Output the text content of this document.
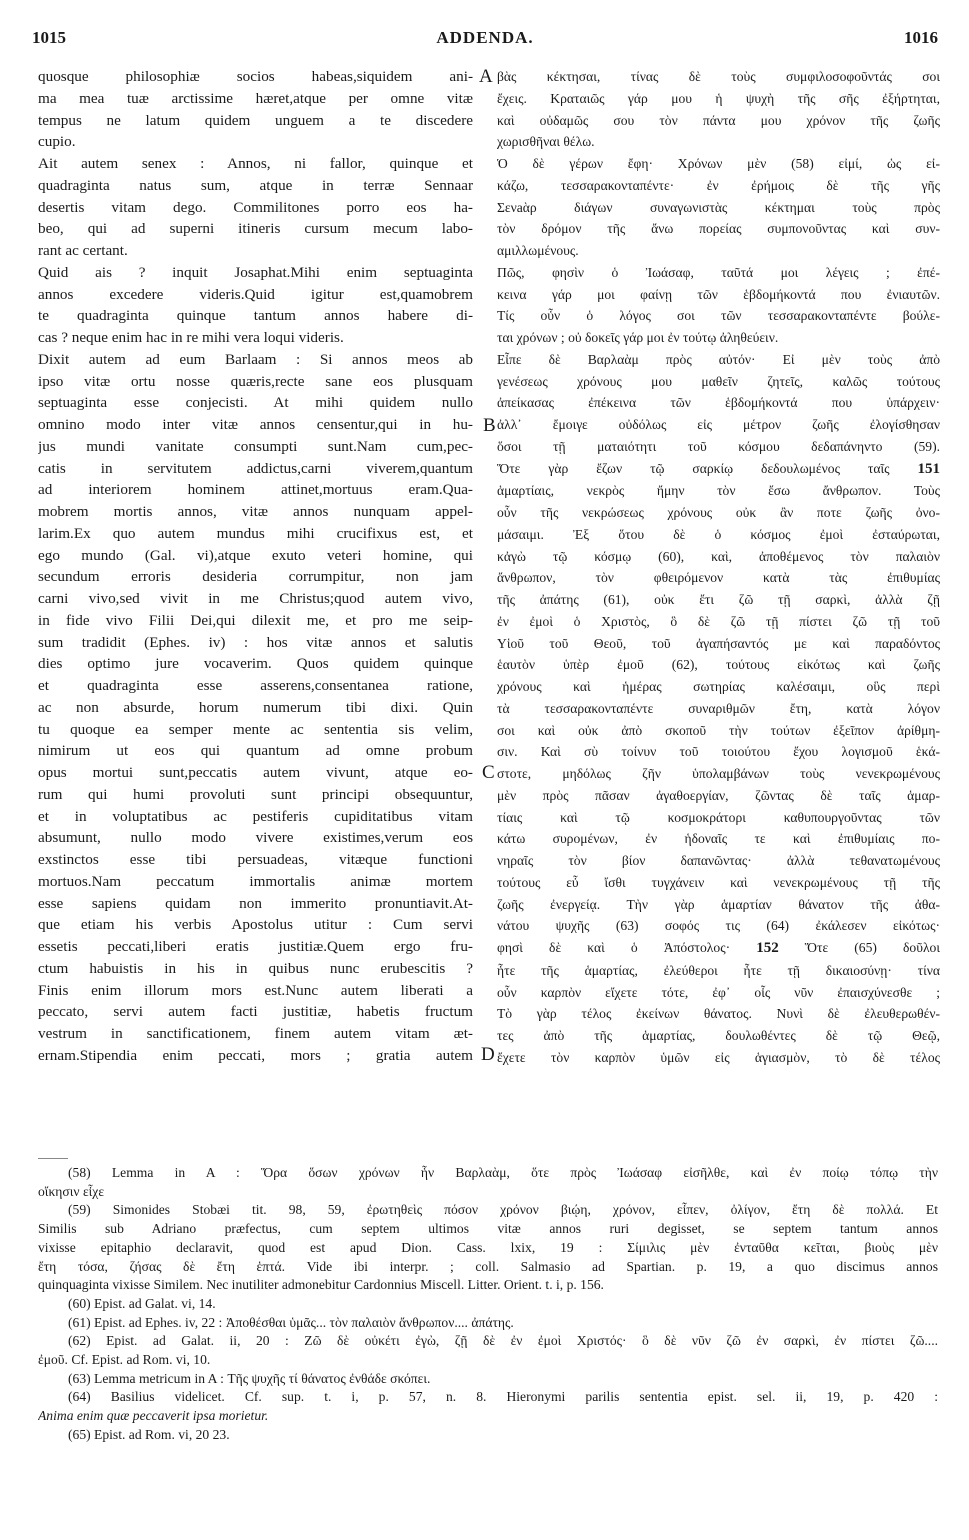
1015	ADDENDA.	1016

quosque philosophiæ socios habeas,siquidem ani-

ma mea tuæ arctissime hæret,atque per omne vitæ

tempus ne latum quidem unguem a te discedere

cupio.

Ait autem senex : Annos, ni fallor, quinque et

quadraginta natus sum, atque in terræ Sennaar

desertis vitam dego. Commilitones porro eos ha-

beo, qui ad superni itineris cursum mecum labo-

rant ac certant.

Quid ais ? inquit Josaphat.Mihi enim septuaginta

annos excedere videris.Quid igitur est,quamobrem

te quadraginta quinque tantum annos habere di-

cas ? neque enim hac in re mihi vera loqui videris.

Dixit autem ad eum Barlaam : Si annos meos ab

ipso vitæ ortu nosse quæris,recte sane eos plusquam

septuaginta esse conjecisti. At mihi quidem nullo

omnino modo inter vitæ annos censentur,qui in hu-

jus mundi vanitate consumpti sunt.Nam cum,pec-

catis in servitutem addictus,carni viverem,quantum

ad interiorem hominem attinet,mortuus eram.Qua-

mobrem mortis annos, vitæ annos nunquam appel-

larim.Ex quo autem mundus mihi crucifixus est, et

ego mundo (Gal. vi),atque exuto veteri homine, qui

secundum erroris desideria corrumpitur, non jam

carni vivo,sed vivit in me Christus;quod autem vivo,

in fide vivo Filii Dei,qui dilexit me, et pro me seip-

sum tradidit (Ephes. iv) : hos vitæ annos et salutis

dies optimo jure vocaverim. Quos quidem quinque

et quadraginta esse asserens,consentanea ratione,

ac non absurde, horum numerum tibi dixi. Quin

tu quoque ea semper mente ac sententia sis velim,

nimirum ut eos qui quantum ad omne probum

opus mortui sunt,peccatis autem vivunt, atque eo-

rum qui humi provoluti sunt principi obsequuntur,

et in voluptatibus ac pestiferis cupiditatibus vitam

absumunt, nullo modo vivere existimes,verum eos

exstinctos esse tibi persuadeas, vitæque functioni

mortuos.Nam peccatum immortalis animæ mortem

esse sapiens quidam non immerito pronuntiavit.At-

que etiam his verbis Apostolus utitur : Cum servi

essetis peccati,liberi eratis justitiæ.Quem ergo fru-

ctum habuistis in his in quibus nunc erubescitis ?

Finis enim illorum mors est.Nunc autem liberati a

peccato, servi autem facti justitiæ, habetis fructum

vestrum in sanctificationem, finem autem vitam æt-

ernam.Stipendia enim peccati, mors ; gratia autem

A
B
C
D

βὰς κέκτησαι, τίνας δὲ τοὺς συμφιλοσοφοῦντάς σοι

ἔχεις. Κραταιῶς γάρ μου ἡ ψυχὴ τῆς σῆς ἐξήρτηται,

καὶ οὐδαμῶς σου τὸν πάντα μου χρόνον τῆς ζωῆς

χωρισθῆναι θέλω.

Ὁ δὲ γέρων ἔφη· Χρόνων μὲν (58) εἰμί, ὡς εἰ-

κάζω, τεσσαρακονταπέντε· ἐν ἐρήμοις δὲ τῆς γῆς

Σενaὰρ διάγων συναγωνιστὰς κέκτημαι τοὺς πρὸς

τὸν δρόμον τῆς ἄνω πορείας συμπονοῦντας καὶ συν-

αμιλλωμένους.

Πῶς, φησὶν ὁ Ἰωάσαφ, ταῦτά μοι λέγεις ; ἐπέ-

κεινα γάρ μοι φαίνῃ τῶν ἑβδομήκοντά που ἐνιαυτῶν.

Τίς οὖν ὁ λόγος σοι τῶν τεσσαρακονταπέντε βούλε-

ται χρόνων ; οὐ δοκεῖς γάρ μοι ἐν τούτῳ ἀληθεύειν.

Εἶπε δὲ Βαρλαὰμ πρὸς αὐτόν· Εἰ μὲν τοὺς ἀπὸ

γενέσεως χρόνους μου μαθεῖν ζητεῖς, καλῶς τούτους

ἀπείκασας ἐπέκεινα τῶν ἑβδομήκοντά που ὑπάρχειν·

ἀλλ᾽ ἔμοιγε οὐδόλως εἰς μέτρον ζωῆς ἐλογίσθησαν

ὅσοι τῇ ματαιότητι τοῦ κόσμου δεδαπάνηντο (59).

Ὅτε γὰρ ἔζων τῷ σαρκίῳ δεδουλωμένος ταῖς 151

ἁμαρτίαις, νεκρὸς ἤμην τὸν ἔσω ἄνθρωπον. Τοὺς

οὖν τῆς νεκρώσεως χρόνους οὐκ ἂν ποτε ζωῆς ὀνο-

μάσαιμι. Ἐξ ὅτου δὲ ὁ κόσμος ἐμοὶ ἐσταύρωται,

κἀγὼ τῷ κόσμῳ (60), καὶ, ἀποθέμενος τὸν παλαιὸν

ἄνθρωπον, τὸν φθειρόμενον κατὰ τὰς ἐπιθυμίας

τῆς ἀπάτης (61), οὐκ ἔτι ζῶ τῇ σαρκὶ, ἀλλὰ ζῇ

ἐν ἐμοὶ ὁ Χριστὸς, ὃ δὲ ζῶ τῇ πίστει ζῶ τῇ τοῦ

Υἱοῦ τοῦ Θεοῦ, τοῦ ἀγαπήσαντός με καὶ παραδόντος

ἑαυτὸν ὑπὲρ ἐμοῦ (62), τούτους εἰκότως καὶ ζωῆς

χρόνους καὶ ἡμέρας σωτηρίας καλέσαιμι, οὓς περὶ

τὰ τεσσαρακονταπέντε συναριθμῶν ἔτη, κατὰ λόγον

σοι καὶ οὐκ ἀπὸ σκοποῦ τὴν τούτων ἐξεῖπον ἀρίθμη-

σιν. Καὶ σὺ τοίνυν τοῦ τοιούτου ἔχου λογισμοῦ ἑκά-

στοτε, μηδόλως ζῆν ὑπολαμβάνων τοὺς νενεκρωμένους

μὲν πρὸς πᾶσαν ἀγαθοεργίαν, ζῶντας δὲ ταῖς ἁμαρ-

τίαις καὶ τῷ κοσμοκράτορι καθυπουργοῦντας τῶν

κάτω συρομένων, ἐν ἡδοναῖς τε καὶ ἐπιθυμίαις πο-

νηραῖς τὸν βίον δαπανῶντας· ἀλλὰ τεθανατωμένους

τούτους εὖ ἴσθι τυγχάνειν καὶ νενεκρωμένους τῇ τῆς

ζωῆς ἐνεργείᾳ. Τὴν γὰρ ἁμαρτίαν θάνατον τῆς ἀθα-

νάτου ψυχῆς (63) σοφός τις (64) ἐκάλεσεν εἰκότως·

φησὶ δὲ καὶ ὁ Ἀπόστολος· 152 Ὅτε (65) δοῦλοι

ἦτε τῆς ἁμαρτίας, ἐλεύθεροι ἦτε τῇ δικαιοσύνῃ· τίνα

οὖν καρπὸν εἴχετε τότε, ἐφ᾽ οἷς νῦν ἐπαισχύνεσθε ;

Τὸ γὰρ τέλος ἐκείνων θάνατος. Νυνὶ δὲ ἐλευθερωθέν-

τες ἀπὸ τῆς ἁμαρτίας, δουλωθέντες δὲ τῷ Θεῷ,

ἔχετε τὸν καρπὸν ὑμῶν εἰς ἁγιασμὸν, τὸ δὲ τέλος

(58) Lemma in A : Ὅρα ὅσων χρόνων ἦν Βαρλαὰμ, ὅτε πρὸς Ἰωάσαφ εἰσῆλθε, καὶ ἐν ποίῳ τόπῳ τὴν

οἴκησιν εἶχε

(59) Simonides Stobæi tit. 98, 59, ἐρωτηθεὶς πόσον χρόνον βιῴη, χρόνον, εἶπεν, ὀλίγον, ἔτη δὲ πολλά. Et

Similis sub Adriano præfectus, cum septem ultimos vitæ annos ruri degisset, se septem tantum annos

vixisse epitaphio declaravit, quod est apud Dion. Cass. lxix, 19 : Σίμιλις μὲν ἐνταῦθα κεῖται, βιοὺς μὲν

ἔτη τόσα, ζήσας δὲ ἔτη ἑπτά. Vide ibi interpr. ; coll. Salmasio ad Spartian. p. 19, a quo discimus annos

quinquaginta vixisse Similem. Nec inutiliter admonebitur Cardonnius Miscell. Litter. Orient. t. i, p. 156.

(60) Epist. ad Galat. vi, 14.

(61) Epist. ad Ephes. iv, 22 : Ἀποθέσθαι ὑμᾶς... τὸν παλαιὸν ἄνθρωπον.... ἀπάτης.

(62) Epist. ad Galat. ii, 20 : Ζῶ δὲ οὐκέτι ἐγὼ, ζῇ δὲ ἐν ἐμοὶ Χριστός· ὃ δὲ νῦν ζῶ ἐν σαρκὶ, ἐν πίστει ζῶ....

ἐμοῦ. Cf. Epist. ad Rom. vi, 10.

(63) Lemma metricum in A : Τῆς ψυχῆς τί θάνατος ἐνθάδε σκόπει.

(64) Basilius videlicet. Cf. sup. t. i, p. 57, n. 8. Hieronymi parilis sententia epist. sel. ii, 19, p. 420 :

Anima enim quæ peccaverit ipsa morietur.

(65) Epist. ad Rom. vi, 20 23.
